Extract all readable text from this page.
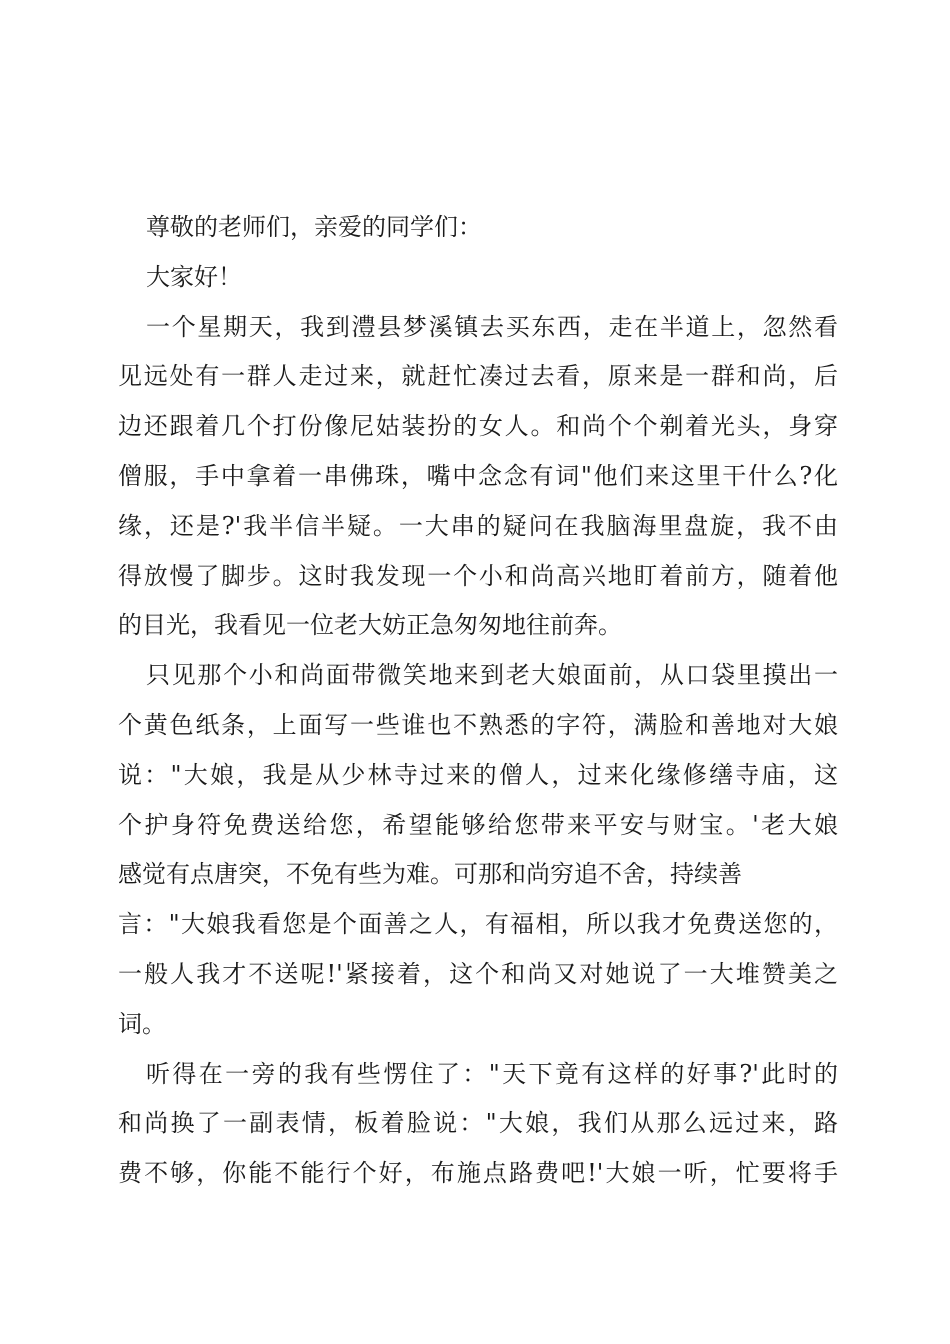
尊敬的老师们，亲爱的同学们：
大家好！
一个星期天，我到澧县梦溪镇去买东西，走在半道上，忽然看
见远处有一群人走过来，就赶忙凑过去看，原来是一群和尚，后
边还跟着几个打份像尼姑装扮的女人。和尚个个剃着光头，身穿
僧服，手中拿着一串佛珠，嘴中念念有词"他们来这里干什么?化
缘，还是?'我半信半疑。一大串的疑问在我脑海里盘旋，我不由
得放慢了脚步。这时我发现一个小和尚高兴地盯着前方，随着他
的目光，我看见一位老大妨正急匆匆地往前奔。
只见那个小和尚面带微笑地来到老大娘面前，从口袋里摸出一
个黄色纸条，上面写一些谁也不熟悉的字符，满脸和善地对大娘
说："大娘，我是从少林寺过来的僧人，过来化缘修缮寺庙，这
个护身符免费送给您，希望能够给您带来平安与财宝。'老大娘
感觉有点唐突，不免有些为难。可那和尚穷追不舍，持续善
言："大娘我看您是个面善之人，有福相，所以我才免费送您的，
一般人我才不送呢!'紧接着，这个和尚又对她说了一大堆赞美之
词。
听得在一旁的我有些愣住了："天下竟有这样的好事?'此时的
和尚换了一副表情，板着脸说："大娘，我们从那么远过来，路
费不够，你能不能行个好，布施点路费吧!'大娘一听，忙要将手
